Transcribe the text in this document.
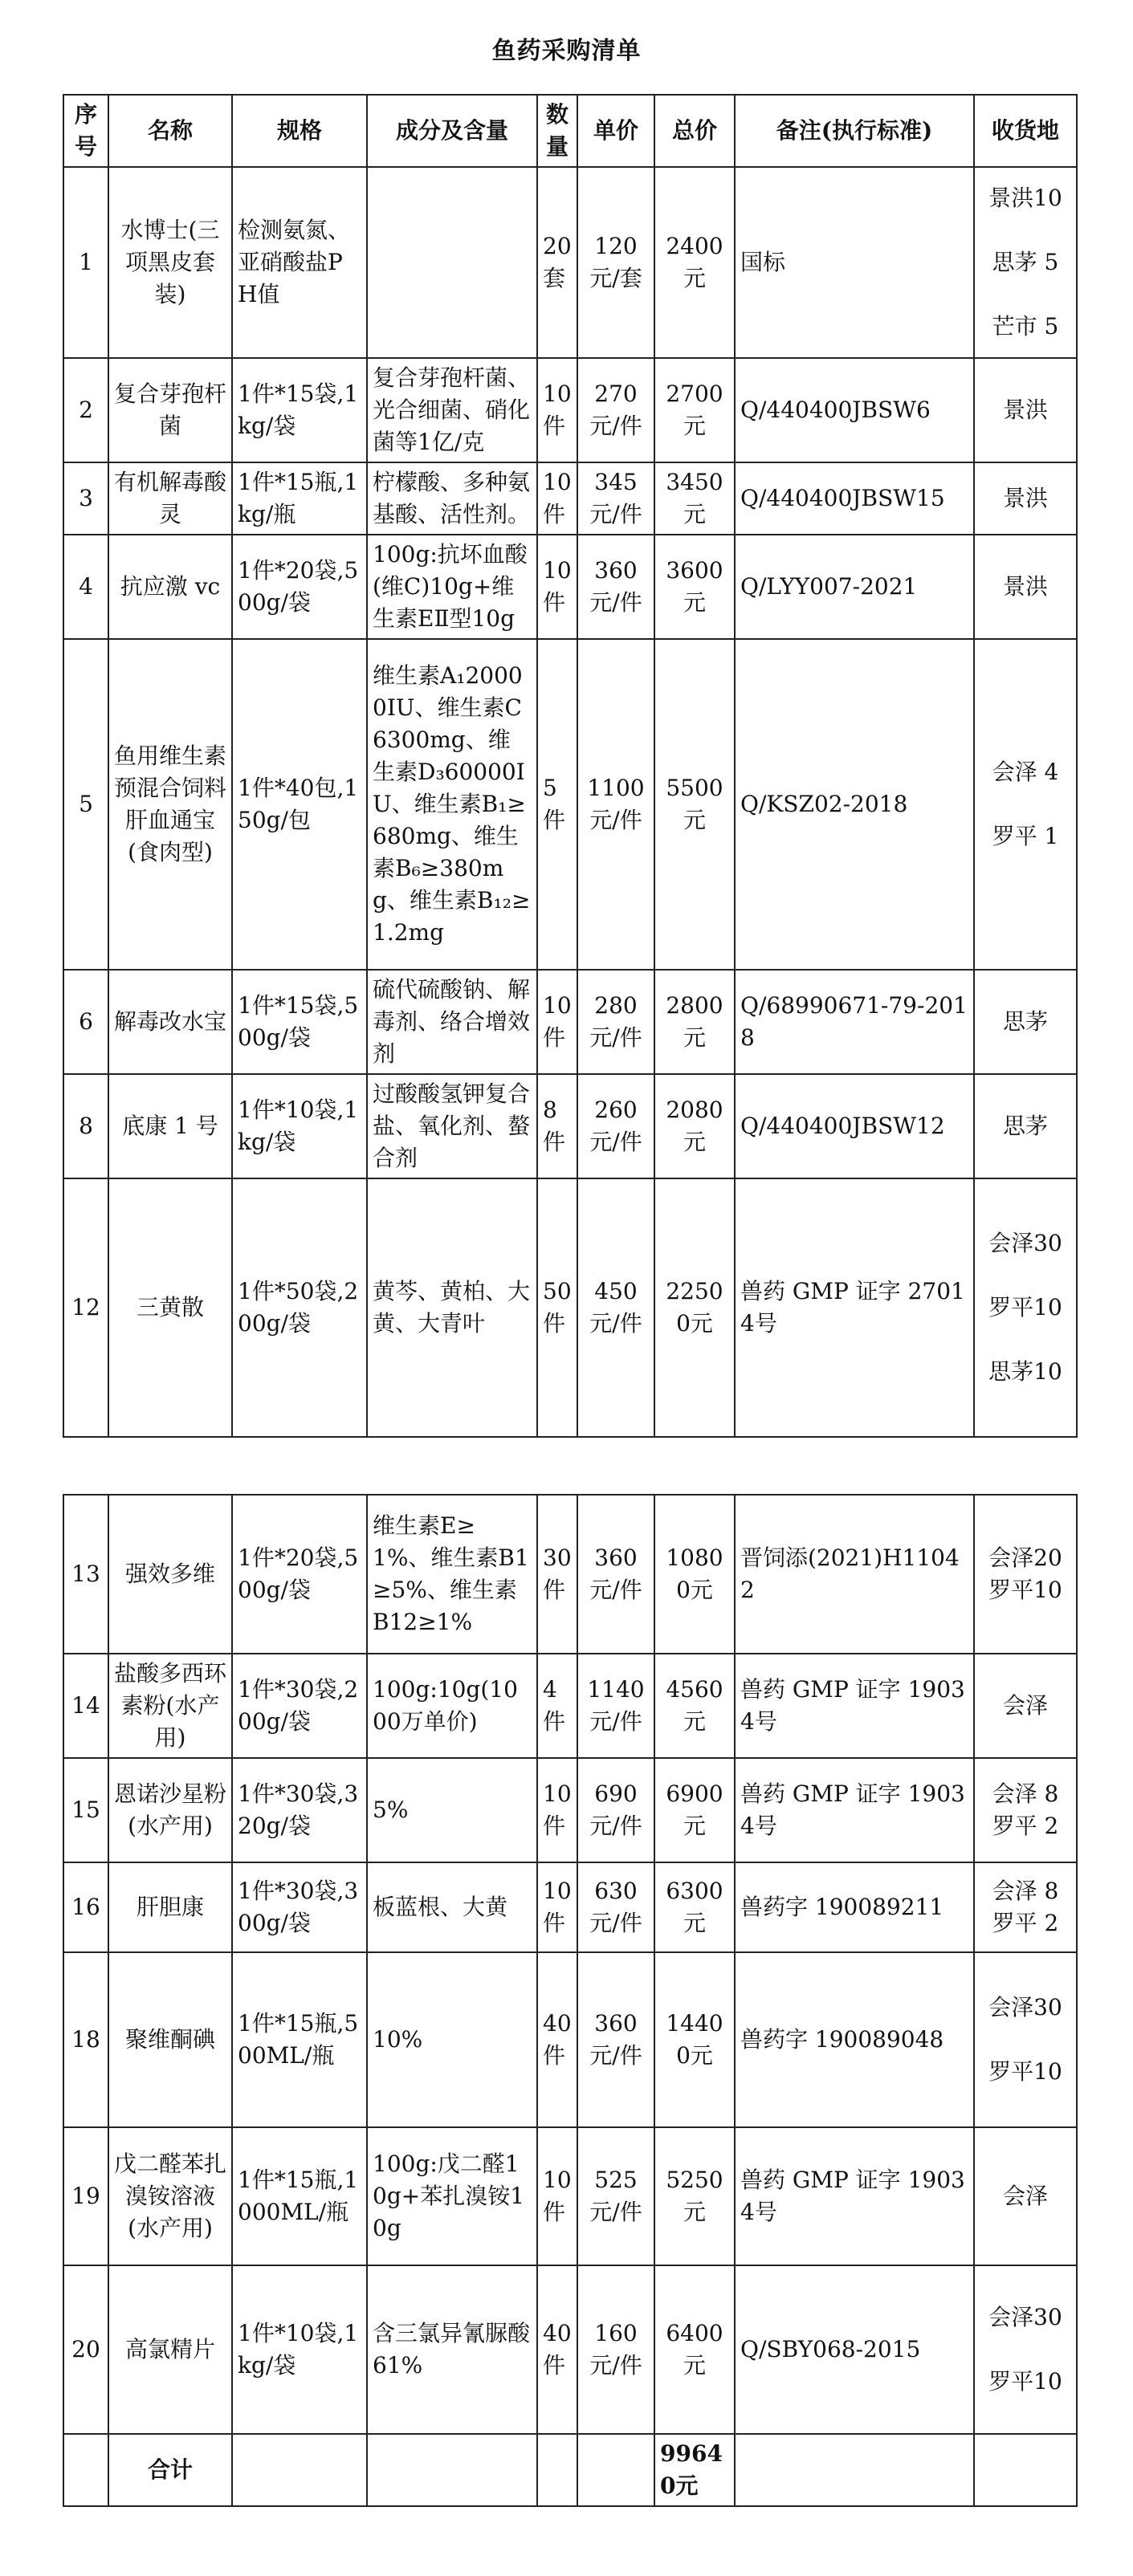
鱼药采购清单
序号	名称	规格	成分及含量	数量	单价	总价	备注(执行标准)	收货地
1	水博士(三项黑皮套装)	检测氨氮、亚硝酸盐PH值		20套	120元/套	2400元	国标	景洪10
思茅 5
芒市 5

2	复合芽孢杆菌	1件*15袋,1kg/袋	复合芽孢杆菌、光合细菌、硝化菌等1亿/克	10件	270元/件	2700元	Q/440400JBSW6	景洪

3	有机解毒酸灵	1件*15瓶,1kg/瓶	柠檬酸、多种氨基酸、活性剂。	10件	345元/件	3450元	Q/440400JBSW15	景洪

4	抗应激 vc	1件*20袋,500g/袋	100g:抗坏血酸(维C)10g+维生素EⅡ型10g	10件	360元/件	3600元	Q/LYY007-2021	景洪

5	鱼用维生素预混合饲料肝血通宝(食肉型)	1件*40包,150g/包	维生素A₁20000IU、维生素C 6300mg、维生素D₃60000IU、维生素B₁≥680mg、维生素B₆≥380mg、维生素B₁₂≥1.2mg	5件	1100元/件	5500元	Q/KSZ02-2018	会泽 4
罗平 1

6	解毒改水宝	1件*15袋,500g/袋	硫代硫酸钠、解毒剂、络合增效剂	10件	280元/件	2800元	Q/68990671-79-2018	思茅

8	底康 1 号	1件*10袋,1kg/袋	过酸酸氢钾复合盐、氧化剂、螯合剂	8件	260元/件	2080元	Q/440400JBSW12	思茅

12	三黄散	1件*50袋,200g/袋	黄芩、黄柏、大黄、大青叶	50件	450元/件	22500元	兽药 GMP 证字 27014号	会泽30
罗平10
思茅10
13	强效多维	1件*20袋,500g/袋	维生素E≥1%、维生素B1≥5%、维生素B12≥1%	30件	360元/件	10800元	晋饲添(2021)H11042	会泽20
罗平10

14	盐酸多西环素粉(水产用)	1件*30袋,200g/袋	100g:10g(1000万单价)	4件	1140元/件	4560元	兽药 GMP 证字 19034号	会泽

15	恩诺沙星粉(水产用)	1件*30袋,320g/袋	5%	10件	690元/件	6900元	兽药 GMP 证字 19034号	会泽 8
罗平 2

16	肝胆康	1件*30袋,300g/袋	板蓝根、大黄	10件	630元/件	6300元	兽药字 190089211	会泽 8
罗平 2

18	聚维酮碘	1件*15瓶,500ML/瓶	10%	40件	360元/件	14400元	兽药字 190089048	会泽30
罗平10

19	戊二醛苯扎溴铵溶液(水产用)	1件*15瓶,1000ML/瓶	100g:戊二醛10g+苯扎溴铵10g	10件	525元/件	5250元	兽药 GMP 证字 19034号	会泽

20	高氯精片	1件*10袋,1kg/袋	含三氯异氰脲酸 61%	40件	160元/件	6400元	Q/SBY068-2015	会泽30
罗平10

	合计					99640元		
